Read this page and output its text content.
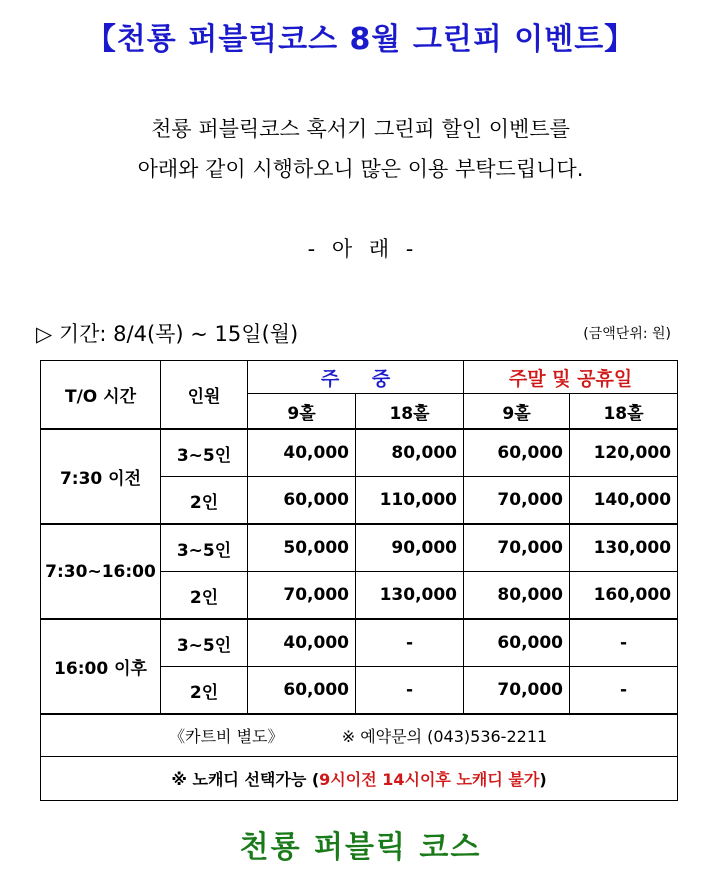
【천룡 퍼블릭코스 8월 그린피 이벤트】
천룡 퍼블릭코스 혹서기 그린피 할인 이벤트를
아래와 같이 시행하오니 많은 이용 부탁드립니다.
- 아 래 -
▷ 기간: 8/4(목) ~ 15일(월)	(금액단위: 원)
T/O 시간	인원	주 중		주말 및 공휴일	
		9홀	18홀	9홀	18홀
7:30 이전	3~5인	40,000	80,000	60,000	120,000
	2인	60,000	110,000	70,000	140,000
7:30~16:00	3~5인	50,000	90,000	70,000	130,000
	2인	70,000	130,000	80,000	160,000
16:00 이후	3~5인	40,000	-	60,000	-
	2인	60,000	-	70,000	-
《카트비 별도》 ※ 예약문의 (043)536-2211					
※ 노캐디 선택가능 (9시이전 14시이후 노캐디 불가)					
천룡 퍼블릭 코스
